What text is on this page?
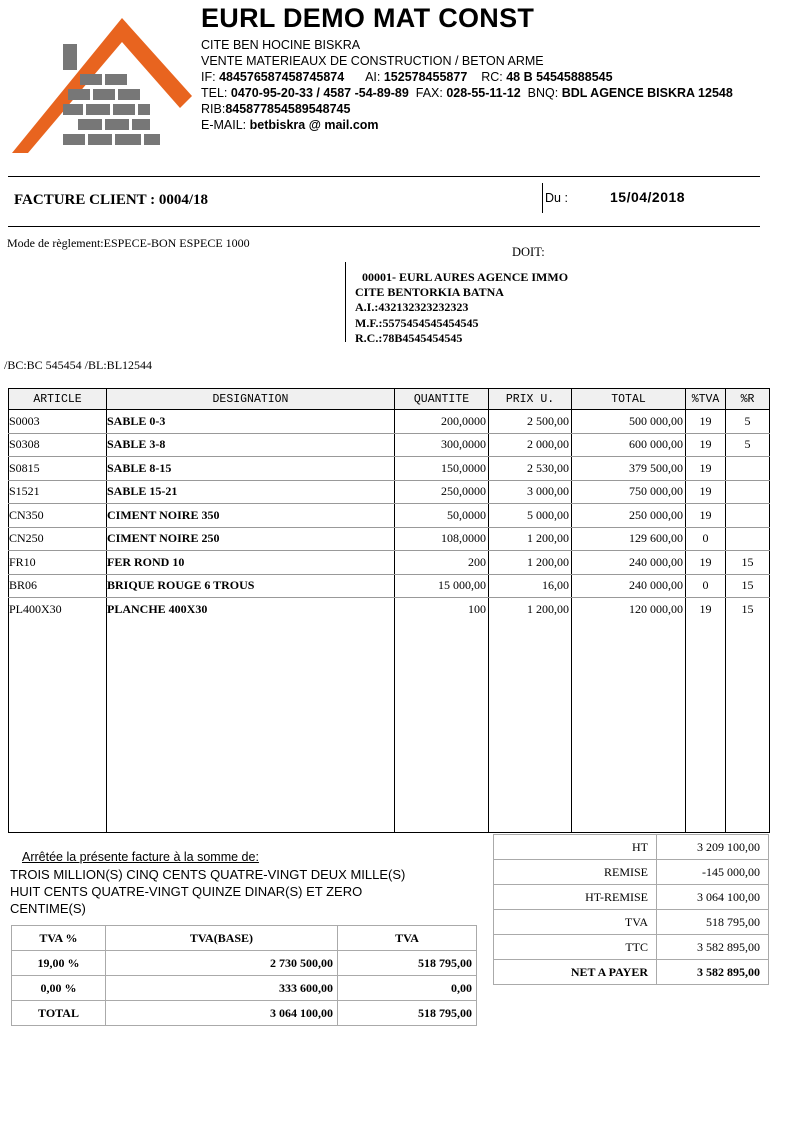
EURL DEMO MAT CONST
CITE BEN HOCINE BISKRA
VENTE MATERIEAUX DE CONSTRUCTION / BETON ARME
IF: 484576587458745874 AI: 152578455877 RC: 48 B 54545888545
TEL: 0470-95-20-33 / 4587 -54-89-89 FAX: 028-55-11-12 BNQ: BDL AGENCE BISKRA 12548
RIB:845877854589548745
E-MAIL: betbiskra @ mail.com
FACTURE CLIENT : 0004/18	Du :	15/04/2018
Mode de règlement:ESPECE-BON ESPECE 1000
DOIT:
00001- EURL AURES AGENCE IMMO
CITE BENTORKIA BATNA
A.I.:432132323232323
M.F.:5575454545454545
R.C.:78B4545454545
/BC:BC 545454 /BL:BL12544
ARTICLE	DESIGNATION	QUANTITE	PRIX U.	TOTAL	%TVA	%R
S0003	SABLE 0-3	200,0000	2 500,00	500 000,00	19	5
S0308	SABLE 3-8	300,0000	2 000,00	600 000,00	19	5
S0815	SABLE 8-15	150,0000	2 530,00	379 500,00	19	
S1521	SABLE 15-21	250,0000	3 000,00	750 000,00	19	
CN350	CIMENT NOIRE 350	50,0000	5 000,00	250 000,00	19	
CN250	CIMENT NOIRE 250	108,0000	1 200,00	129 600,00	0	
FR10	FER ROND 10	200	1 200,00	240 000,00	19	15
BR06	BRIQUE ROUGE 6 TROUS	15 000,00	16,00	240 000,00	0	15
PL400X30	PLANCHE 400X30	100	1 200,00	120 000,00	19	15

Arrêtée la présente facture à la somme de:
TROIS MILLION(S) CINQ CENTS QUATRE-VINGT DEUX MILLE(S) HUIT CENTS QUATRE-VINGT QUINZE DINAR(S) ET ZERO CENTIME(S)
HT	3 209 100,00
REMISE	-145 000,00
HT-REMISE	3 064 100,00
TVA	518 795,00
TTC	3 582 895,00
NET A PAYER	3 582 895,00
TVA %	TVA(BASE)	TVA
19,00 %	2 730 500,00	518 795,00
0,00 %	333 600,00	0,00
TOTAL	3 064 100,00	518 795,00
